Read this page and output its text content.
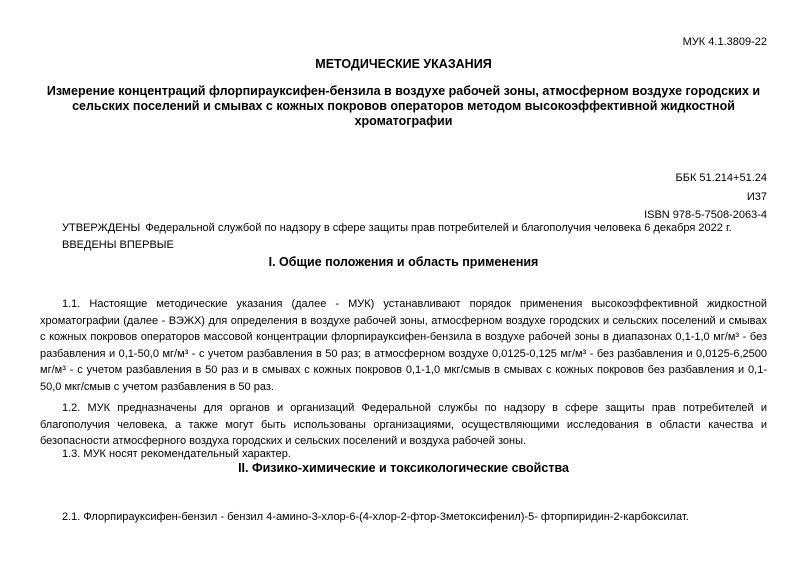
МУК 4.1.3809-22
МЕТОДИЧЕСКИЕ УКАЗАНИЯ
Измерение концентраций флорпирауксифен-бензила в воздухе рабочей зоны, атмосферном воздухе городских и сельских поселений и смывах с кожных покровов операторов методом высокоэффективной жидкостной хроматографии
ББК 51.214+51.24
И37
ISBN 978-5-7508-2063-4
УТВЕРЖДЕНЫ Федеральной службой по надзору в сфере защиты прав потребителей и благополучия человека 6 декабря 2022 г.
ВВЕДЕНЫ ВПЕРВЫЕ
I. Общие положения и область применения

1.1. Настоящие методические указания (далее - МУК) устанавливают порядок применения высокоэффективной жидкостной хроматографии (далее - ВЭЖХ) для определения в воздухе рабочей зоны, атмосферном воздухе городских и сельских поселений и смывах с кожных покровов операторов массовой концентрации флорпирауксифен-бензила в воздухе рабочей зоны в диапазонах 0,1-1,0 мг/м³ - без разбавления и 0,1-50,0 мг/м³ - с учетом разбавления в 50 раз; в атмосферном воздухе 0,0125-0,125 мг/м³ - без разбавления и 0,0125-6,2500 мг/м³ - с учетом разбавления в 50 раз и в смывах с кожных покровов 0,1-1,0 мкг/смыв в смывах с кожных покровов без разбавления и 0,1-50,0 мкг/смыв с учетом разбавления в 50 раз.

1.2. МУК предназначены для органов и организаций Федеральной службы по надзору в сфере защиты прав потребителей и благополучия человека, а также могут быть использованы организациями, осуществляющими исследования в области качества и безопасности атмосферного воздуха городских и сельских поселений и воздуха рабочей зоны.

1.3. МУК носят рекомендательный характер.

II. Физико-химические и токсикологические свойства

2.1. Флорпирауксифен-бензил - бензил 4-амино-3-хлор-6-(4-хлор-2-фтор-3метоксифенил)-5- фторпиридин-2-карбоксилат.
